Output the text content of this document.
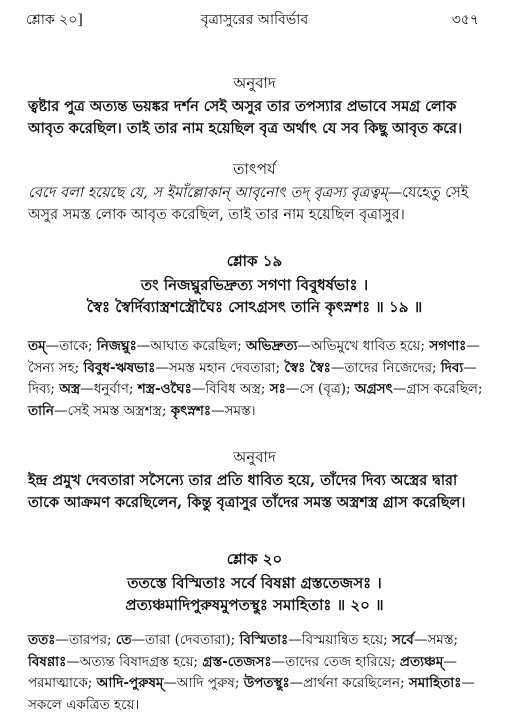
শ্লোক ২০]	বৃত্রাসুরের আবির্ভাব	৩৫৭
অনুবাদ
ত্বষ্টার পুত্র অত্যন্ত ভয়ঙ্কর দর্শন সেই অসুর তার তপস্যার প্রভাবে সমগ্র লোক
আবৃত করেছিল। তাই তার নাম হয়েছিল বৃত্র অর্থাৎ যে সব কিছু আবৃত করে।
তাৎপর্য
বেদে বলা হয়েছে যে, স ইমাঁল্লোকান্ আবৃনোৎ তদ্ বৃত্রস্য বৃত্রত্বম্—যেহেতু সেই
অসুর সমস্ত লোক আবৃত করেছিল, তাই তার নাম হয়েছিল বৃত্রাসুর।
শ্লোক ১৯
তং নিজঘ্নুরভিদ্রুত্য সগণা বিবুধর্ষভাঃ ।
স্বৈঃ স্বৈর্দিব্যাস্ত্রশস্ত্রৌঘৈঃ সোঽগ্রসৎ তানি কৃৎস্নশঃ ॥ ১৯ ॥
তম্—তাকে; নিজঘ্নুঃ—আঘাত করেছিল; অভিদ্রুত্য—অভিমুখে ধাবিত হয়ে; সগণাঃ—সৈন্য সহ; বিবুধ-ঋষভাঃ—সমস্ত মহান দেবতারা; স্বৈঃ স্বৈঃ—তাদের নিজেদের; দিব্য—দিব্য; অস্ত্র—ধনুর্বাণ; শস্ত্র-ওঘৈঃ—বিবিধ অস্ত্র; সঃ—সে (বৃত্র); অগ্রসৎ—গ্রাস করেছিল; তানি—সেই সমস্ত অস্ত্রশস্ত্র; কৃৎস্নশঃ—সমস্ত।
অনুবাদ
ইন্দ্র প্রমুখ দেবতারা সসৈন্যে তার প্রতি ধাবিত হয়ে, তাঁদের দিব্য অস্ত্রের দ্বারা
তাকে আক্রমণ করেছিলেন, কিন্তু বৃত্রাসুর তাঁদের সমস্ত অস্ত্রশস্ত্র গ্রাস করেছিল।
শ্লোক ২০
ততস্তে বিস্মিতাঃ সর্বে বিষণ্ণা গ্রস্ততেজসঃ ।
প্রত্যঞ্চমাদিপুরুষমুপতস্থুঃ সমাহিতাঃ ॥ ২০ ॥
ততঃ—তারপর; তে—তারা (দেবতারা); বিস্মিতাঃ—বিস্ময়ান্বিত হয়ে; সর্বে—সমস্ত; বিষণ্ণাঃ—অত্যন্ত বিষাদগ্রস্ত হয়ে; গ্রস্ত-তেজসঃ—তাদের তেজ হারিয়ে; প্রত্যঞ্চম্—পরমাত্মাকে; আদি-পুরুষম্—আদি পুরুষ; উপতস্থুঃ—প্রার্থনা করেছিলেন; সমাহিতাঃ—সকলে একত্রিত হয়ে।
